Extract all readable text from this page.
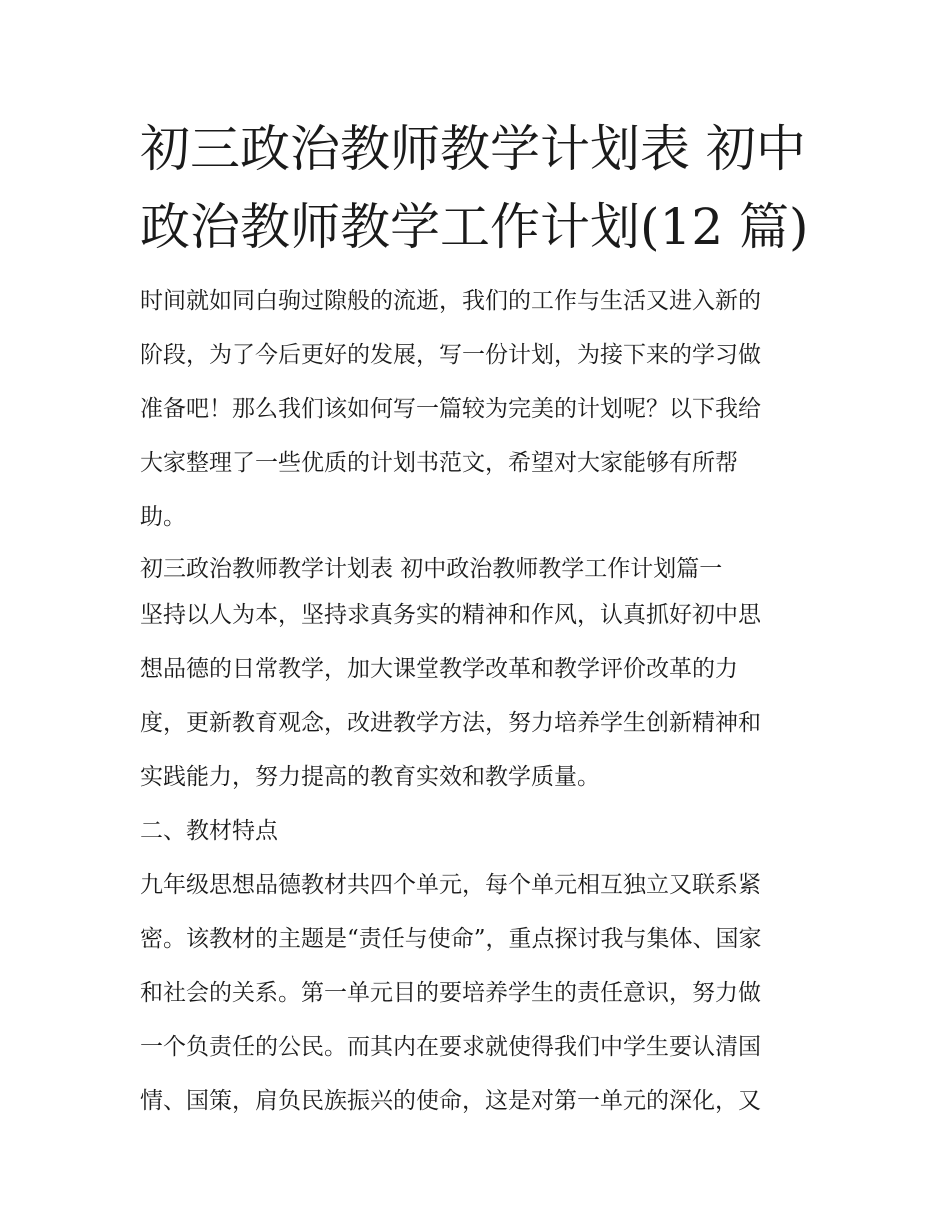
初三政治教师教学计划表 初中
政治教师教学工作计划(12 篇)

时间就如同白驹过隙般的流逝，我们的工作与生活又进入新的
阶段，为了今后更好的发展，写一份计划，为接下来的学习做
准备吧！那么我们该如何写一篇较为完美的计划呢？以下我给
大家整理了一些优质的计划书范文，希望对大家能够有所帮
助。

初三政治教师教学计划表 初中政治教师教学工作计划篇一

坚持以人为本，坚持求真务实的精神和作风，认真抓好初中思
想品德的日常教学，加大课堂教学改革和教学评价改革的力
度，更新教育观念，改进教学方法，努力培养学生创新精神和
实践能力，努力提高的教育实效和教学质量。

二、教材特点

九年级思想品德教材共四个单元，每个单元相互独立又联系紧
密。该教材的主题是“责任与使命”，重点探讨我与集体、国家
和社会的关系。第一单元目的要培养学生的责任意识，努力做
一个负责任的公民。而其内在要求就使得我们中学生要认清国
情、国策，肩负民族振兴的使命，这是对第一单元的深化，又
